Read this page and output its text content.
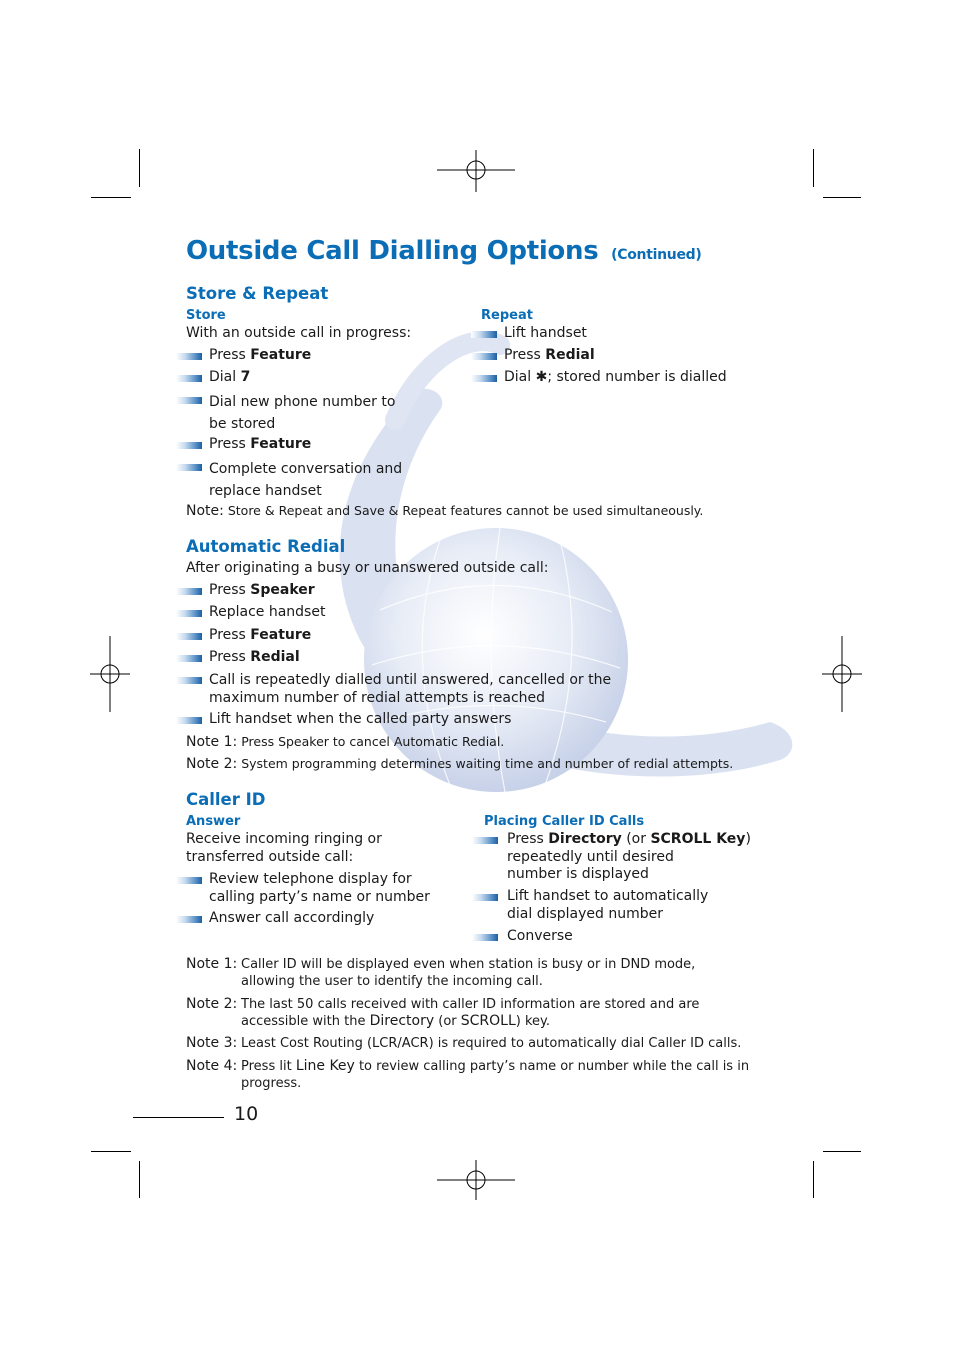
Outside Call Dialling Options (Continued)
Store & Repeat
Store
With an outside call in progress:
Press Feature
Dial 7
Dial new phone number to
be stored
Press Feature
Complete conversation and
replace handset
Repeat
Lift handset
Press Redial
Dial ✱; stored number is dialled
Note: Store & Repeat and Save & Repeat features cannot be used simultaneously.
Automatic Redial
After originating a busy or unanswered outside call:
Press Speaker
Replace handset
Press Feature
Press Redial
Call is repeatedly dialled until answered, cancelled or the
maximum number of redial attempts is reached
Lift handset when the called party answers
Note 1: Press Speaker to cancel Automatic Redial.
Note 2: System programming determines waiting time and number of redial attempts.
Caller ID
Answer
Receive incoming ringing or
transferred outside call:
Review telephone display for
calling party’s name or number
Answer call accordingly
Placing Caller ID Calls
Press Directory (or SCROLL Key)
repeatedly until desired
number is displayed
Lift handset to automatically
dial displayed number
Converse
Note 1: Caller ID will be displayed even when station is busy or in DND mode,
allowing the user to identify the incoming call.
Note 2: The last 50 calls received with caller ID information are stored and are
accessible with the Directory (or SCROLL) key.
Note 3: Least Cost Routing (LCR/ACR) is required to automatically dial Caller ID calls.
Note 4: Press lit Line Key to review calling party’s name or number while the call is in
progress.
10
